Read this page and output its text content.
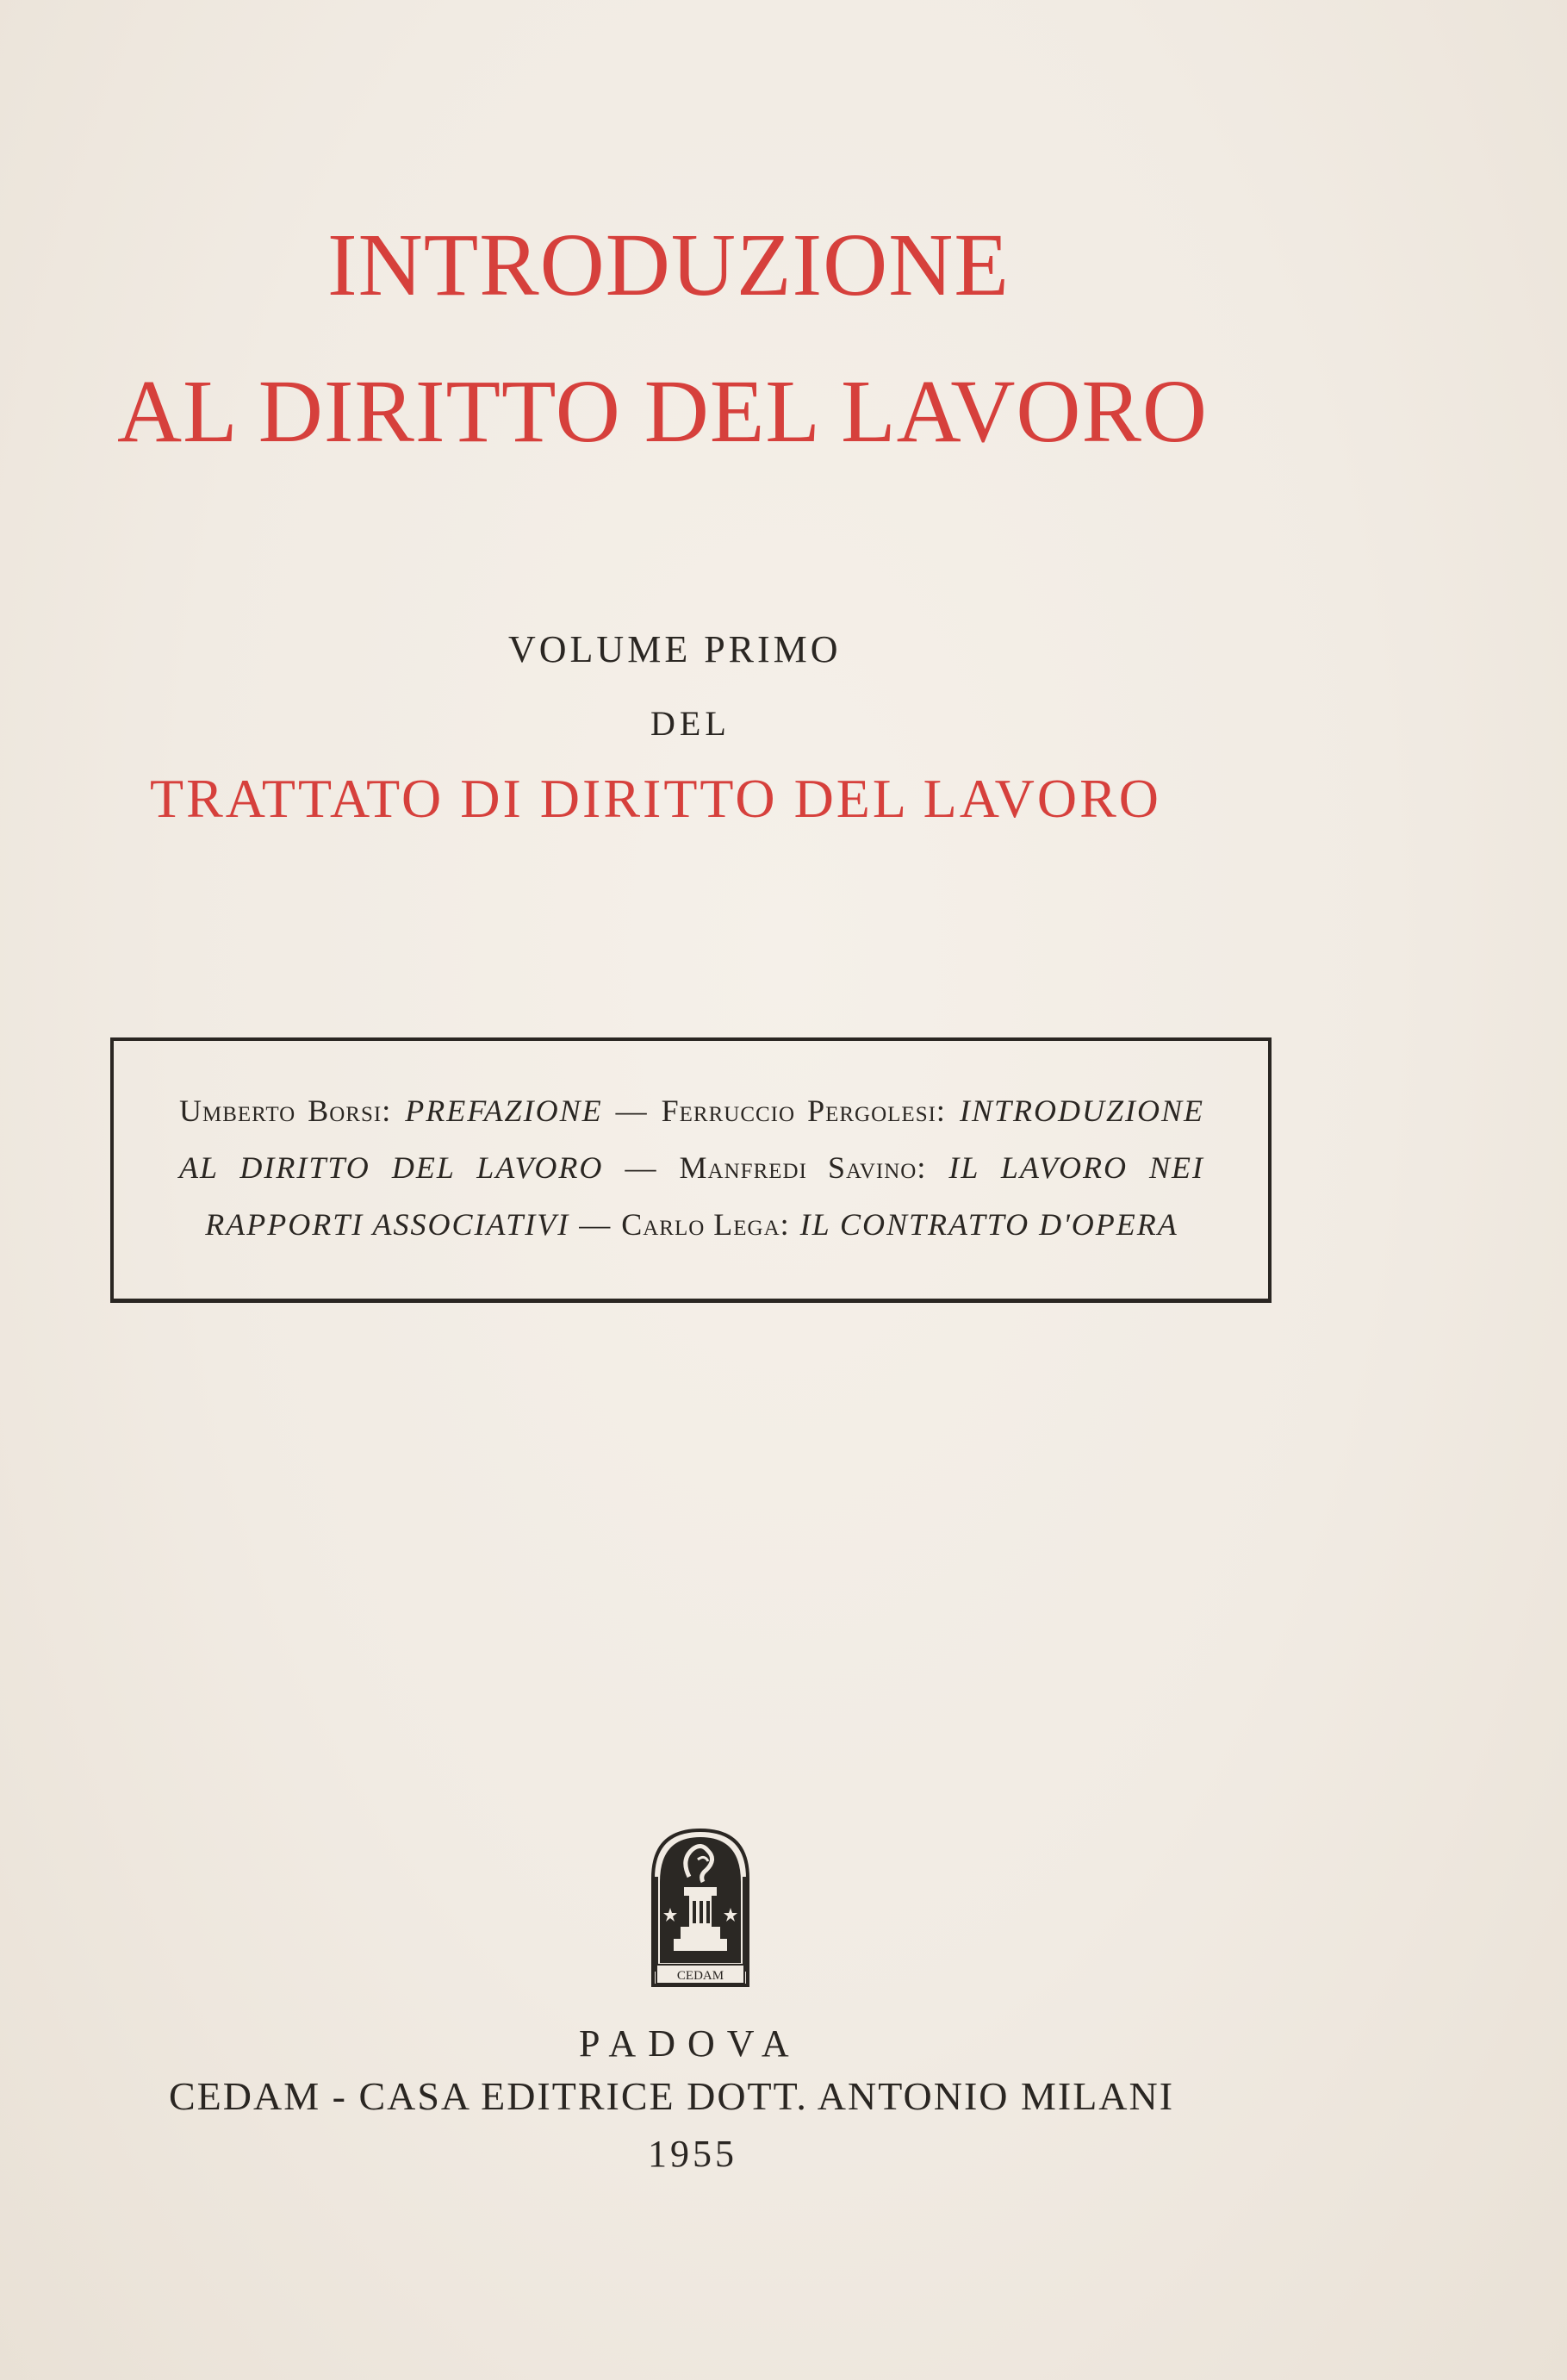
INTRODUZIONE
AL DIRITTO DEL LAVORO
VOLUME PRIMO
DEL
TRATTATO DI DIRITTO DEL LAVORO
Umberto Borsi: PREFAZIONE — Ferruccio Pergolesi: INTRODUZIONE AL DIRITTO DEL LAVORO — Manfredi Savino: IL LAVORO NEI RAPPORTI ASSOCIATIVI — Carlo Lega: IL CONTRATTO D'OPERA
CEDAM
PADOVA
CEDAM - CASA EDITRICE DOTT. ANTONIO MILANI
1955
